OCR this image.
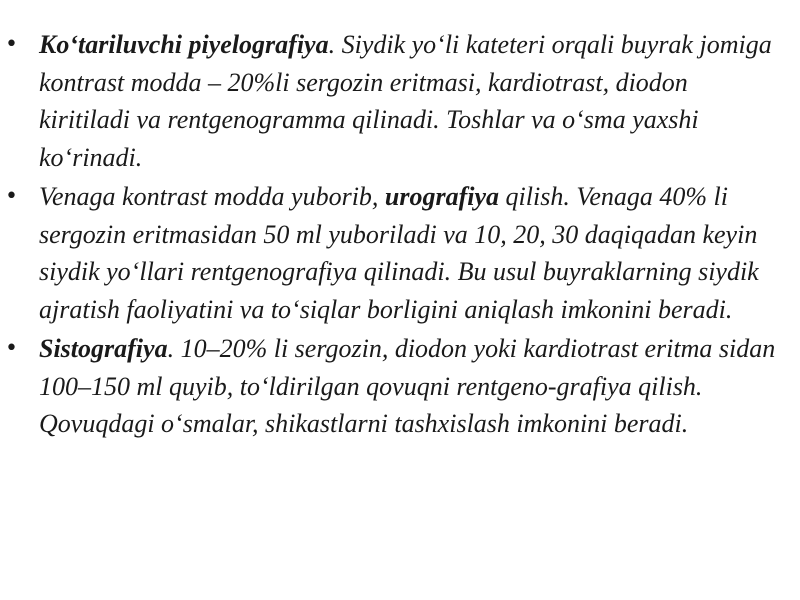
• Ko‘tariluvchi piyelografiya. Siydik yo‘li kateteri orqali buyrak jomiga kontrast modda – 20%li sergozin eritmasi, kardiotrast, diodon kiritiladi va rentgenogramma qilinadi. Toshlar va o‘sma yaxshi ko‘rinadi.
• Venaga kontrast modda yuborib, urografiya qilish. Venaga 40% li sergozin eritmasidan 50 ml yuboriladi va 10, 20, 30 daqiqadan keyin siydik yo‘llari rentgenografiya qilinadi. Bu usul buyraklarning siydik ajratish faoliyatini va to‘siqlar borligini aniqlash imkonini beradi.
• Sistografiya. 10–20% li sergozin, diodon yoki kardiotrast eritma sidan 100–150 ml quyib, to‘ldirilgan qovuqni rentgeno-grafiya qilish. Qovuqdagi o‘smalar, shikastlarni tashxislash imkonini beradi.
